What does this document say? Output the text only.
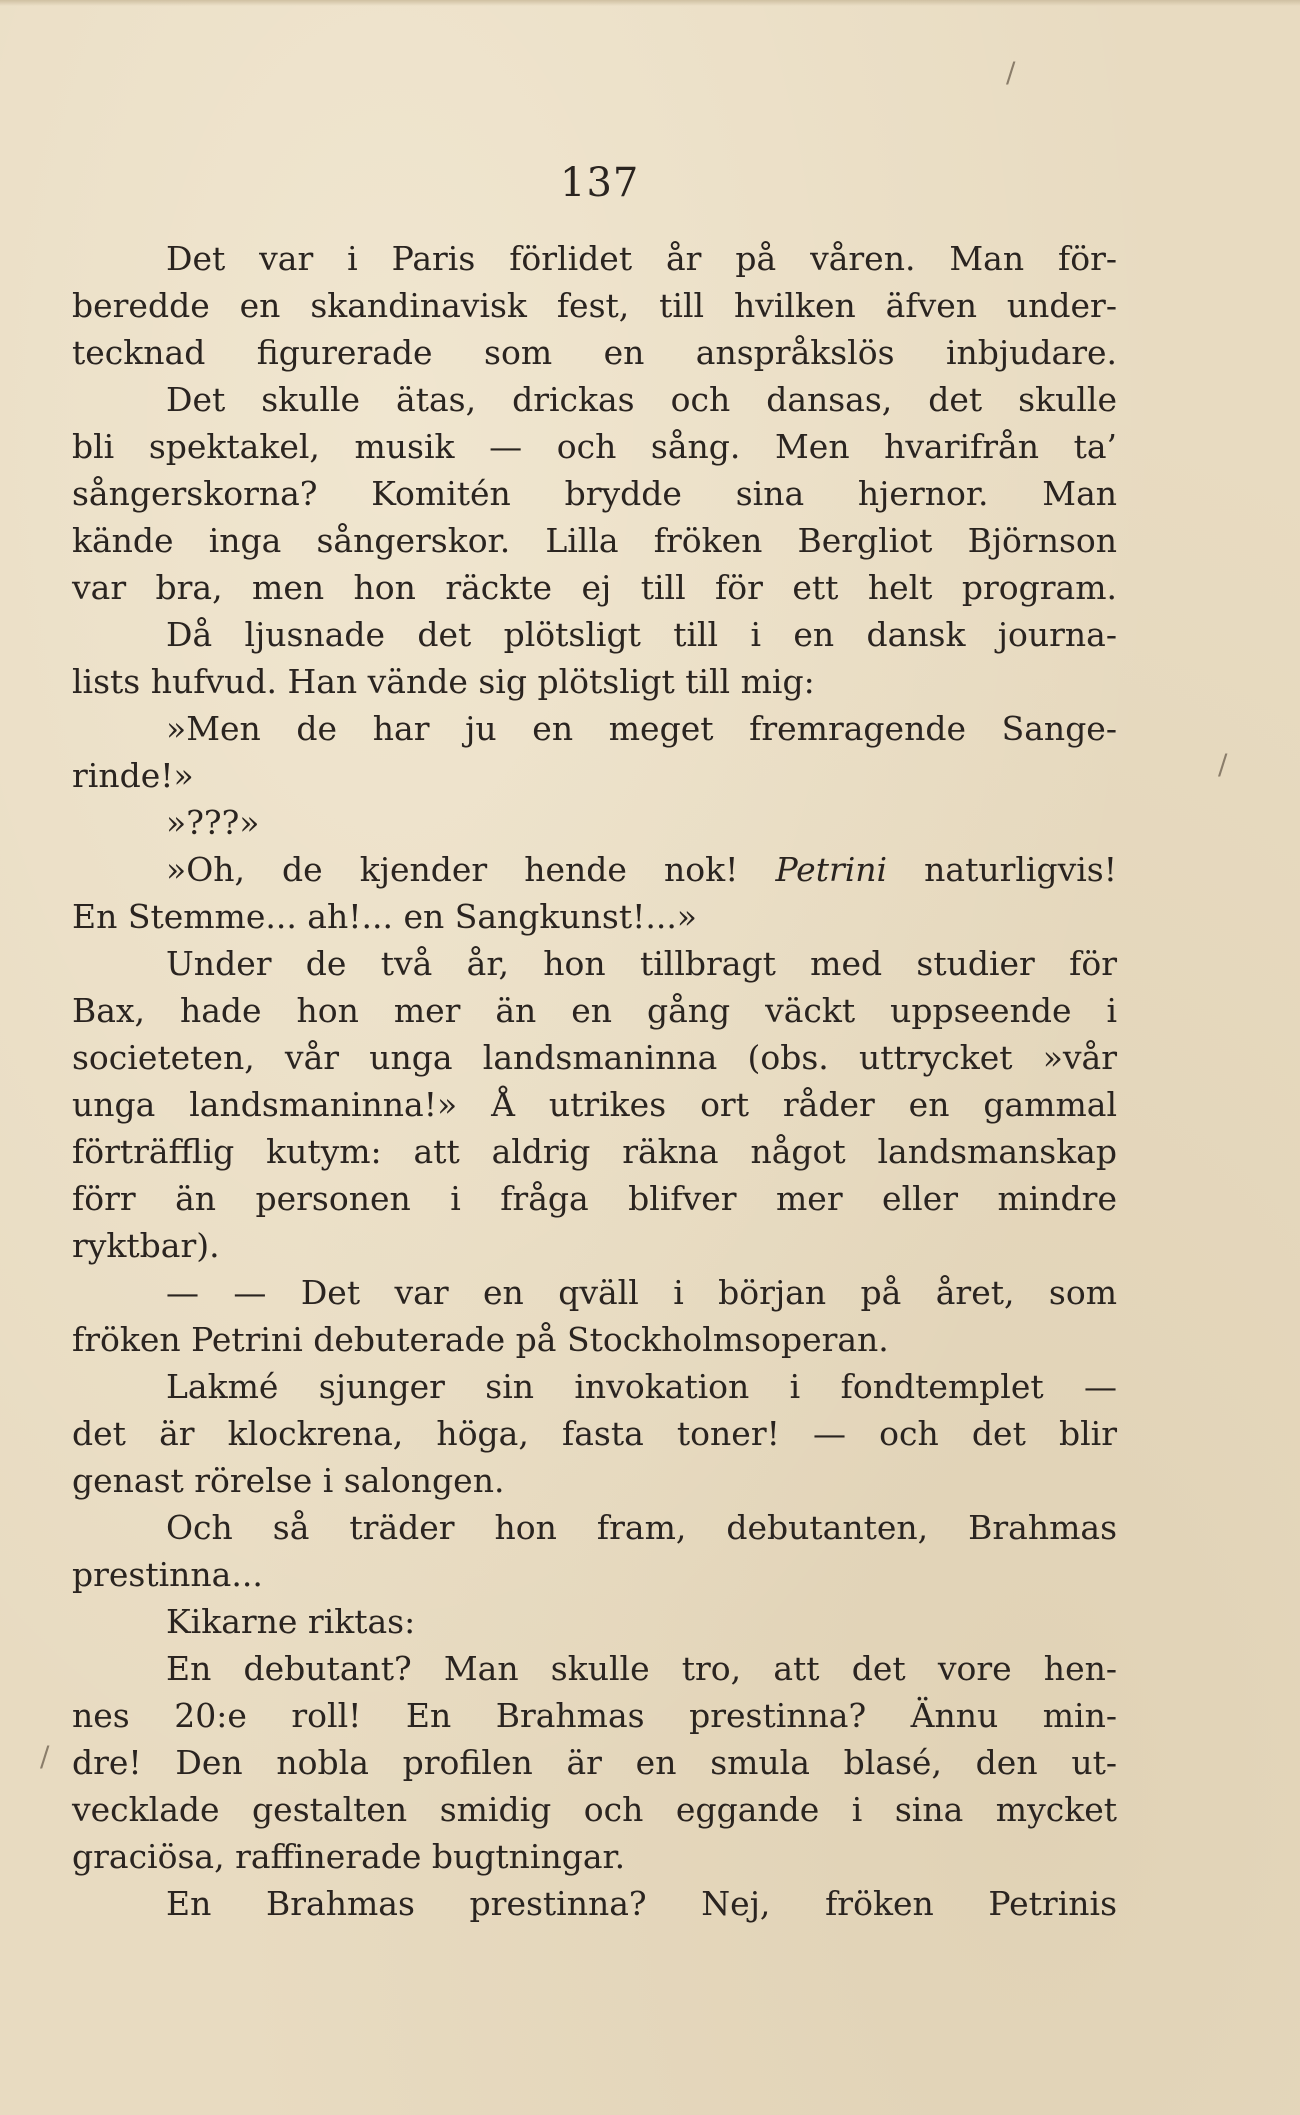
137
Det var i Paris förlidet år på våren. Man för-
beredde en skandinavisk fest, till hvilken äfven under-
tecknad figurerade som en anspråkslös inbjudare.
Det skulle ätas, drickas och dansas, det skulle
bli spektakel, musik — och sång. Men hvarifrån ta’
sångerskorna? Komitén brydde sina hjernor. Man
kände inga sångerskor. Lilla fröken Bergliot Björnson
var bra, men hon räckte ej till för ett helt program.
Då ljusnade det plötsligt till i en dansk journa-
lists hufvud. Han vände sig plötsligt till mig:
»Men de har ju en meget fremragende Sange-
rinde!»
»???»
»Oh, de kjender hende nok! Petrini naturligvis!
En Stemme... ah!... en Sangkunst!...»
Under de två år, hon tillbragt med studier för
Bax, hade hon mer än en gång väckt uppseende i
societeten, vår unga landsmaninna (obs. uttrycket »vår
unga landsmaninna!» Å utrikes ort råder en gammal
förträfflig kutym: att aldrig räkna något landsmanskap
förr än personen i fråga blifver mer eller mindre
ryktbar).
— — Det var en qväll i början på året, som
fröken Petrini debuterade på Stockholmsoperan.
Lakmé sjunger sin invokation i fondtemplet —
det är klockrena, höga, fasta toner! — och det blir
genast rörelse i salongen.
Och så träder hon fram, debutanten, Brahmas
prestinna...
Kikarne riktas:
En debutant? Man skulle tro, att det vore hen-
nes 20:e roll! En Brahmas prestinna? Ännu min-
dre! Den nobla profilen är en smula blasé, den ut-
vecklade gestalten smidig och eggande i sina mycket
graciösa, raffinerade bugtningar.
En Brahmas prestinna? Nej, fröken Petrinis
/
/
/
